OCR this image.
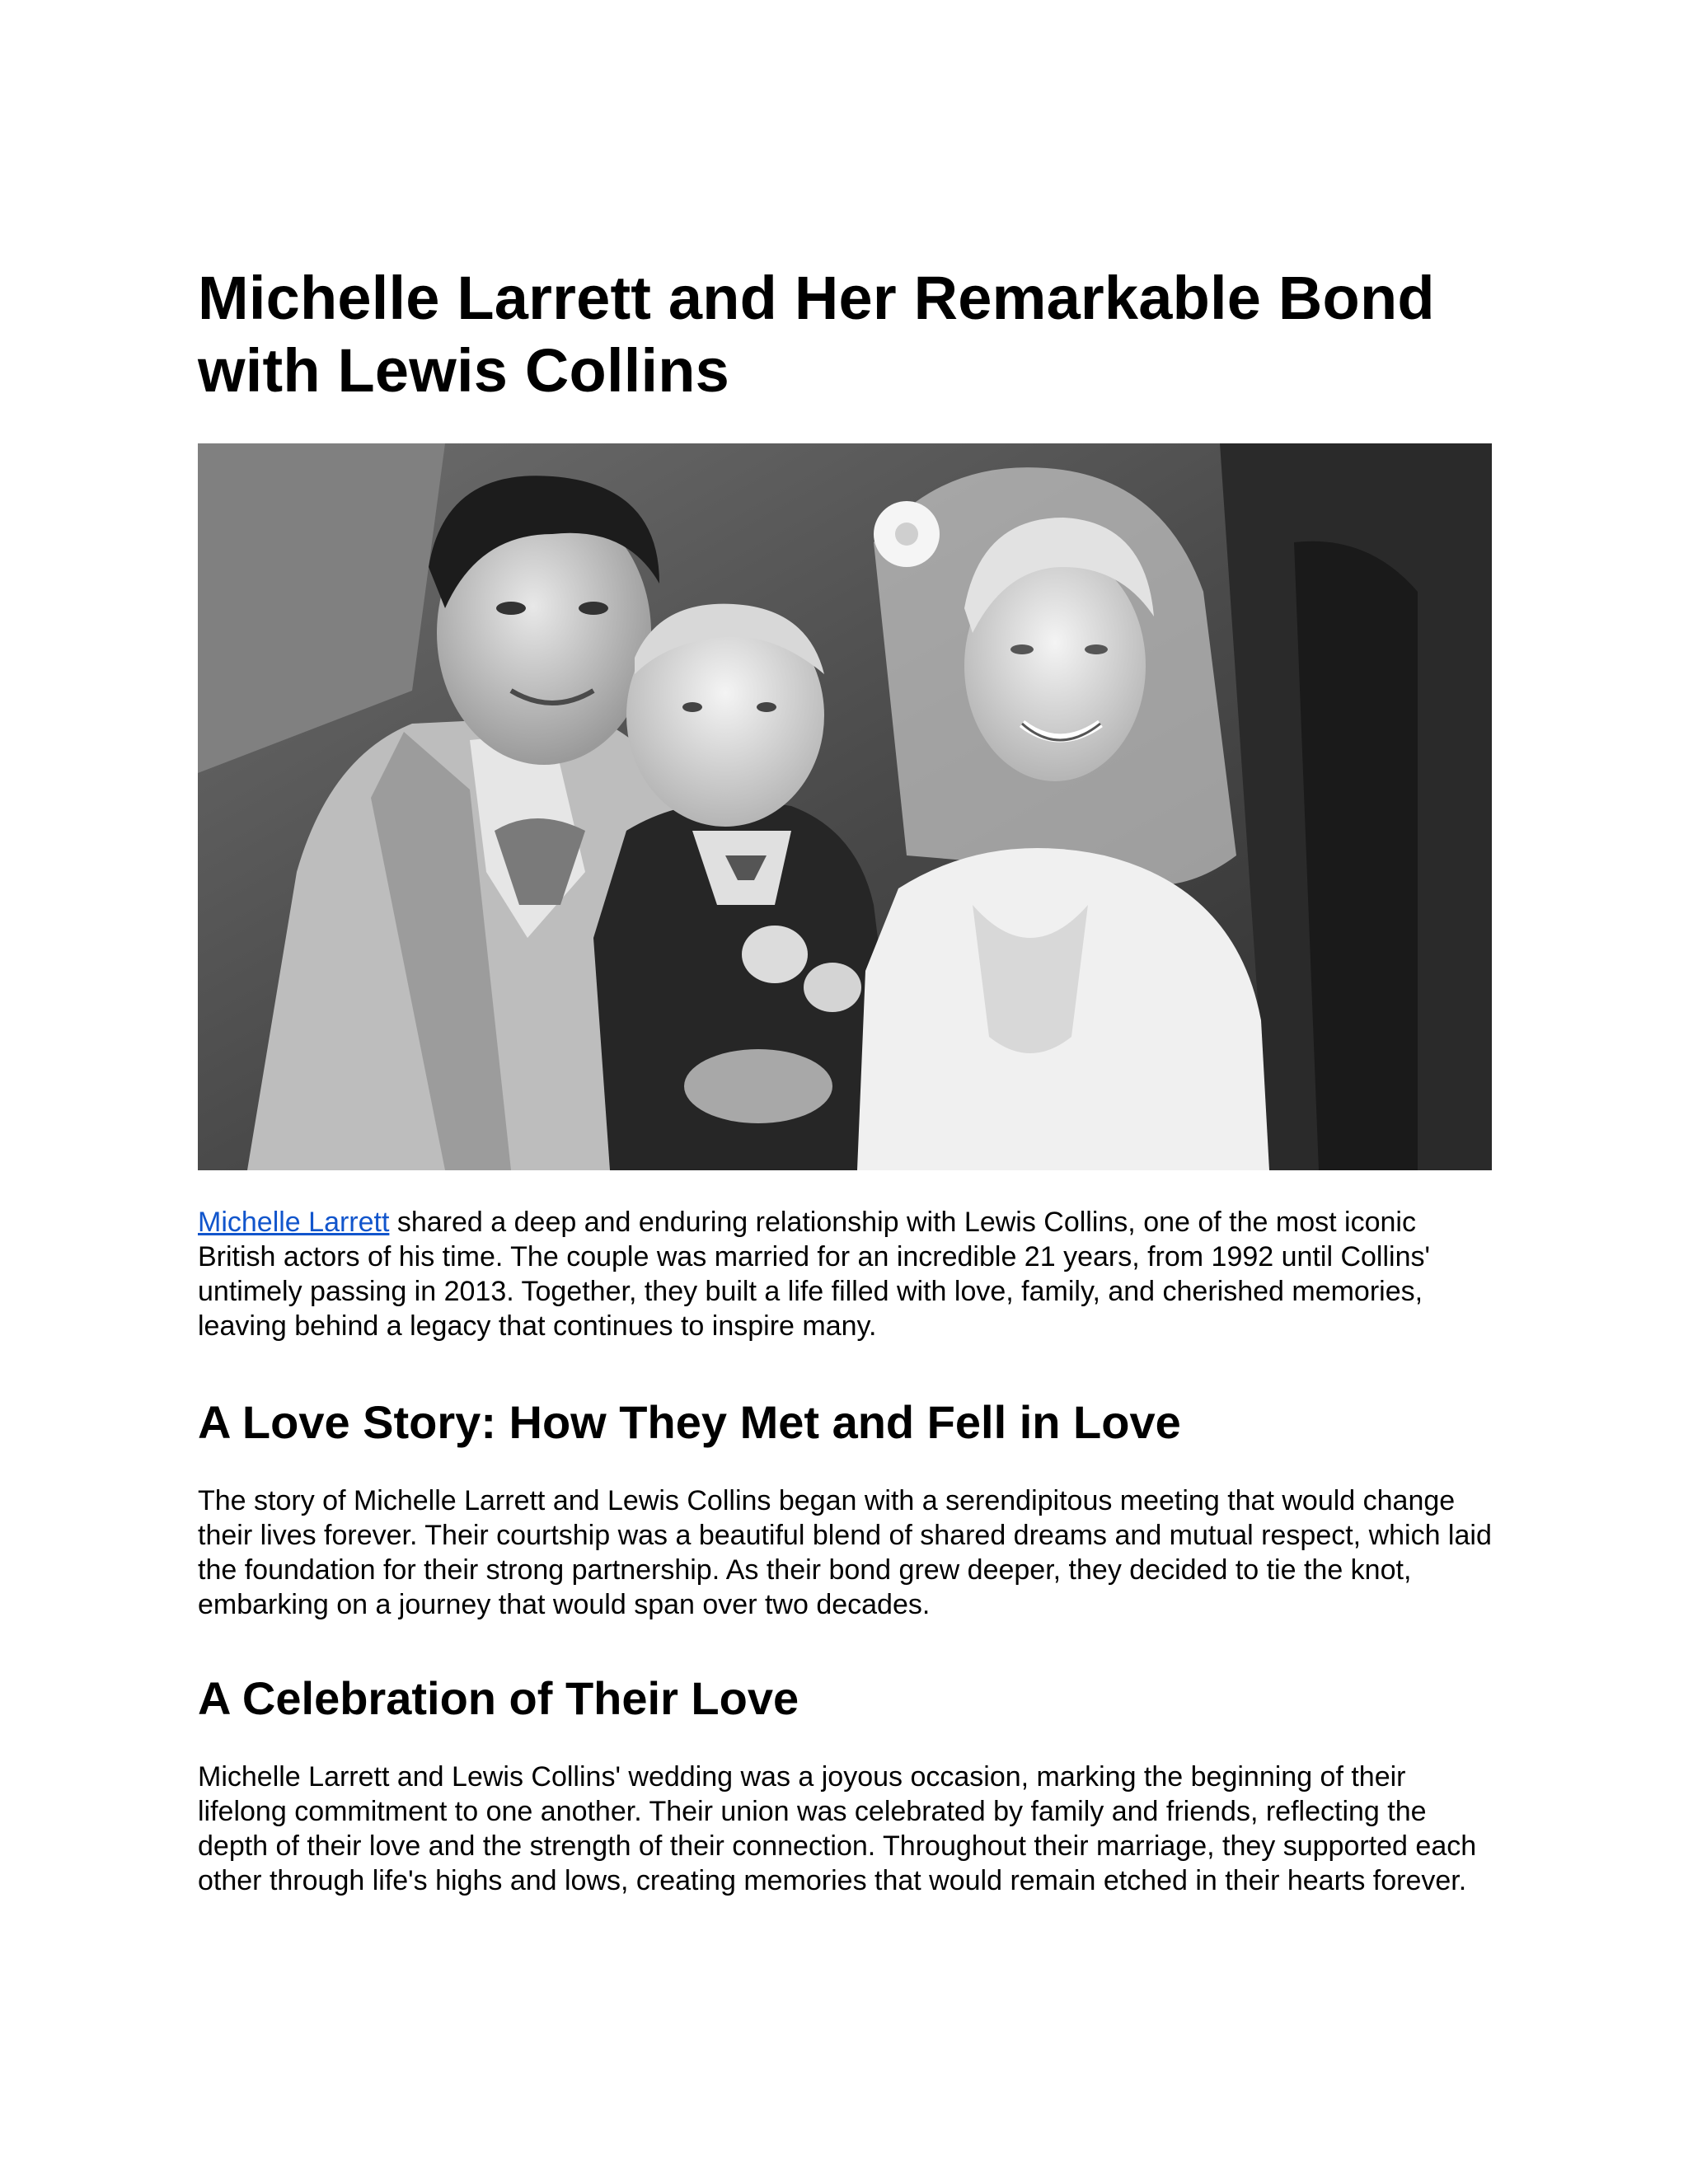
Michelle Larrett and Her Remarkable Bond with Lewis Collins

Michelle Larrett shared a deep and enduring relationship with Lewis Collins, one of the most iconic British actors of his time. The couple was married for an incredible 21 years, from 1992 until Collins' untimely passing in 2013. Together, they built a life filled with love, family, and cherished memories, leaving behind a legacy that continues to inspire many.

A Love Story: How They Met and Fell in Love

The story of Michelle Larrett and Lewis Collins began with a serendipitous meeting that would change their lives forever. Their courtship was a beautiful blend of shared dreams and mutual respect, which laid the foundation for their strong partnership. As their bond grew deeper, they decided to tie the knot, embarking on a journey that would span over two decades.

A Celebration of Their Love

Michelle Larrett and Lewis Collins' wedding was a joyous occasion, marking the beginning of their lifelong commitment to one another. Their union was celebrated by family and friends, reflecting the depth of their love and the strength of their connection. Throughout their marriage, they supported each other through life's highs and lows, creating memories that would remain etched in their hearts forever.
